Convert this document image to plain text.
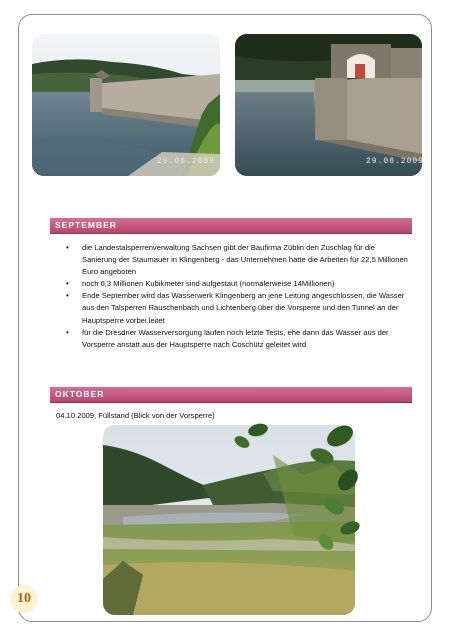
29.08.2009	29.08.2009
SEPTEMBER
• die Landestalsperrenverwaltung Sachsen gibt der Baufirma Züblin den Zuschlag für die Sanierung der Staumauer in Klingenberg - das Unternehmen hatte die Arbeiten für 22,5 Millionen Euro angeboten
• noch 6,3 Millionen Kubikmeter sind aufgestaut (normalerweise 14Millionen)
• Ende September wird das Wasserwerk Klingenberg an jene Leitung angeschlossen, die Wasser aus den Talsperren Rauschenbach und Lichtenberg über die Vorsperre und den Tunnel an der Hauptsperre vorbei leitet
• für die Dresdner Wasserversorgung laufen noch letzte Tests, ehe dann das Wasser aus der Vorsperre anstatt aus der Hauptsperre nach Coschütz geleitet wird
OKTOBER
04.10.2009, Füllstand (Blick von der Vorsperre)
10
